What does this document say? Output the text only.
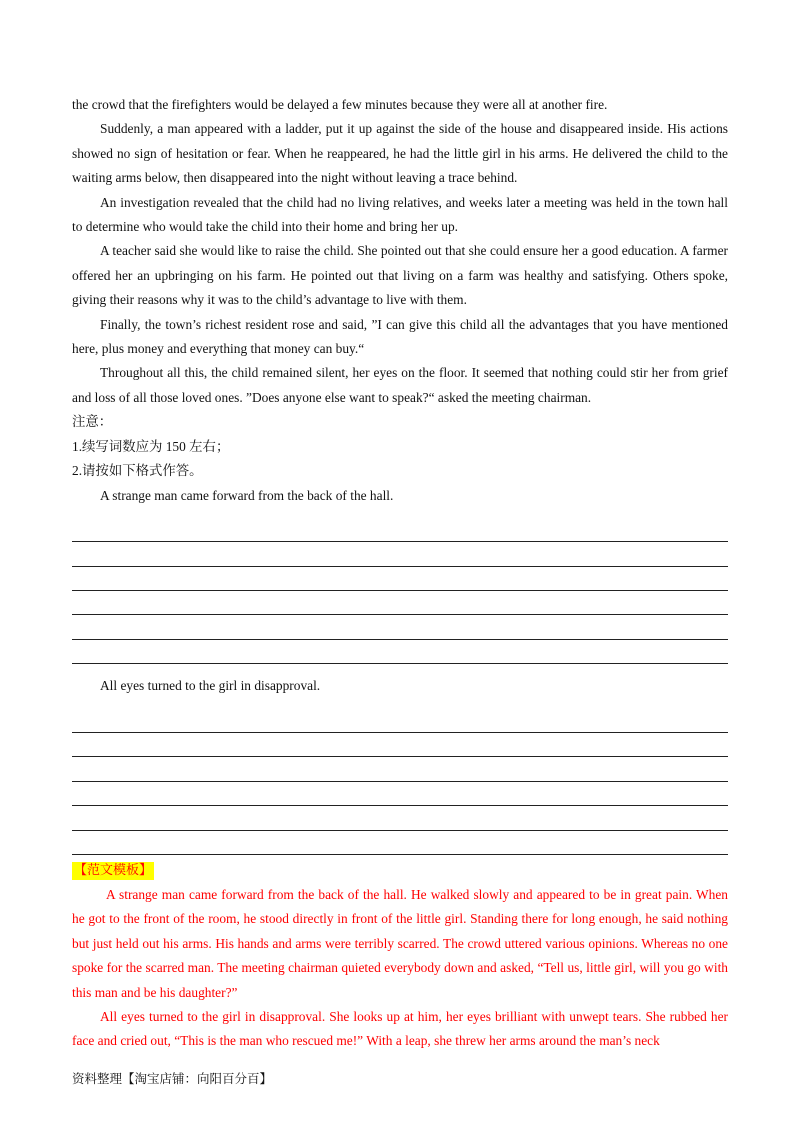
the crowd that the firefighters would be delayed a few minutes because they were all at another fire.

Suddenly, a man appeared with a ladder, put it up against the side of the house and disappeared inside. His actions showed no sign of hesitation or fear. When he reappeared, he had the little girl in his arms. He delivered the child to the waiting arms below, then disappeared into the night without leaving a trace behind.

An investigation revealed that the child had no living relatives, and weeks later a meeting was held in the town hall to determine who would take the child into their home and bring her up.

A teacher said she would like to raise the child. She pointed out that she could ensure her a good education. A farmer offered her an upbringing on his farm. He pointed out that living on a farm was healthy and satisfying. Others spoke, giving their reasons why it was to the child’s advantage to live with them.

Finally, the town’s richest resident rose and said, ”I can give this child all the advantages that you have mentioned here, plus money and everything that money can buy.“

Throughout all this, the child remained silent, her eyes on the floor. It seemed that nothing could stir her from grief and loss of all those loved ones. ”Does anyone else want to speak?“ asked the meeting chairman.

注意：

1.续写词数应为 150 左右；

2.请按如下格式作答。

A strange man came forward from the back of the hall.

All eyes turned to the girl in disapproval.

【范文模板】

A strange man came forward from the back of the hall. He walked slowly and appeared to be in great pain. When he got to the front of the room, he stood directly in front of the little girl. Standing there for long enough, he said nothing but just held out his arms. His hands and arms were terribly scarred. The crowd uttered various opinions. Whereas no one spoke for the scarred man. The meeting chairman quieted everybody down and asked, “Tell us, little girl, will you go with this man and be his daughter?”

All eyes turned to the girl in disapproval. She looks up at him, her eyes brilliant with unwept tears. She rubbed her face and cried out, “This is the man who rescued me!” With a leap, she threw her arms around the man’s neck

资料整理【淘宝店铺：向阳百分百】
